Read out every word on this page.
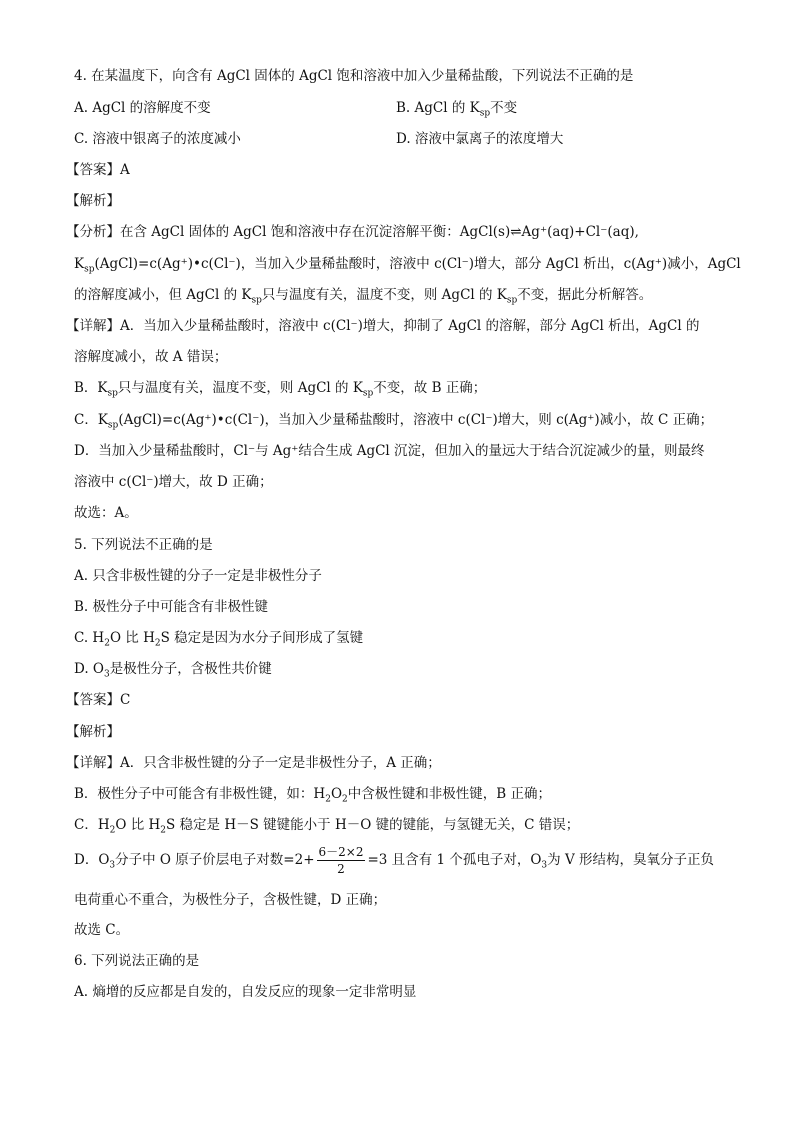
4. 在某温度下，向含有 AgCl 固体的 AgCl 饱和溶液中加入少量稀盐酸，下列说法不正确的是
A. AgCl 的溶解度不变	B. AgCl 的 $K_{sp}$不变
C. 溶液中银离子的浓度减小	D. 溶液中氯离子的浓度增大
【答案】A
【解析】
【分析】在含 AgCl 固体的 AgCl 饱和溶液中存在沉淀溶解平衡：AgCl(s)⇌Ag⁺(aq)+Cl⁻(aq),
$K_{sp}(AgCl)=c(Ag^+)•c(Cl^-)$，当加入少量稀盐酸时，溶液中 c(Cl⁻)增大，部分 AgCl 析出，c(Ag⁺)减小，AgCl
的溶解度减小，但 AgCl 的 $K_{sp}$只与温度有关，温度不变，则 AgCl 的 $K_{sp}$不变，据此分析解答。
【详解】A．当加入少量稀盐酸时，溶液中 c(Cl⁻)增大，抑制了 AgCl 的溶解，部分 AgCl 析出，AgCl 的
溶解度减小，故 A 错误；
B．$K_{sp}$只与温度有关，温度不变，则 AgCl 的 $K_{sp}$不变，故 B 正确；
C．$K_{sp}(AgCl)=c(Ag^+)•c(Cl^-)$，当加入少量稀盐酸时，溶液中 c(Cl⁻)增大，则 c(Ag⁺)减小，故 C 正确；
D．当加入少量稀盐酸时，Cl⁻与 Ag⁺结合生成 AgCl 沉淀，但加入的量远大于结合沉淀减少的量，则最终
溶液中 c(Cl⁻)增大，故 D 正确；
故选：A。
5. 下列说法不正确的是
A. 只含非极性键的分子一定是非极性分子
B. 极性分子中可能含有非极性键
C. $H_2O$ 比 $H_2S$ 稳定是因为水分子间形成了氢键
D. $O_3$是极性分子，含极性共价键
【答案】C
【解析】
【详解】A．只含非极性键的分子一定是非极性分子，A 正确；
B．极性分子中可能含有非极性键，如：$H_2O_2$中含极性键和非极性键，B 正确；
C．$H_2O$ 比 $H_2S$ 稳定是 H－S 键键能小于 H－O 键的键能，与氢键无关，C 错误；
D．$O_3$分子中 O 原子价层电子对数$=2+ \frac{6-2\times 2}{2} =3$ 且含有 1 个孤电子对，$O_3$为 V 形结构，臭氧分子正负
电荷重心不重合，为极性分子，含极性键，D 正确；
故选 C。
6. 下列说法正确的是
A. 熵增的反应都是自发的，自发反应的现象一定非常明显
